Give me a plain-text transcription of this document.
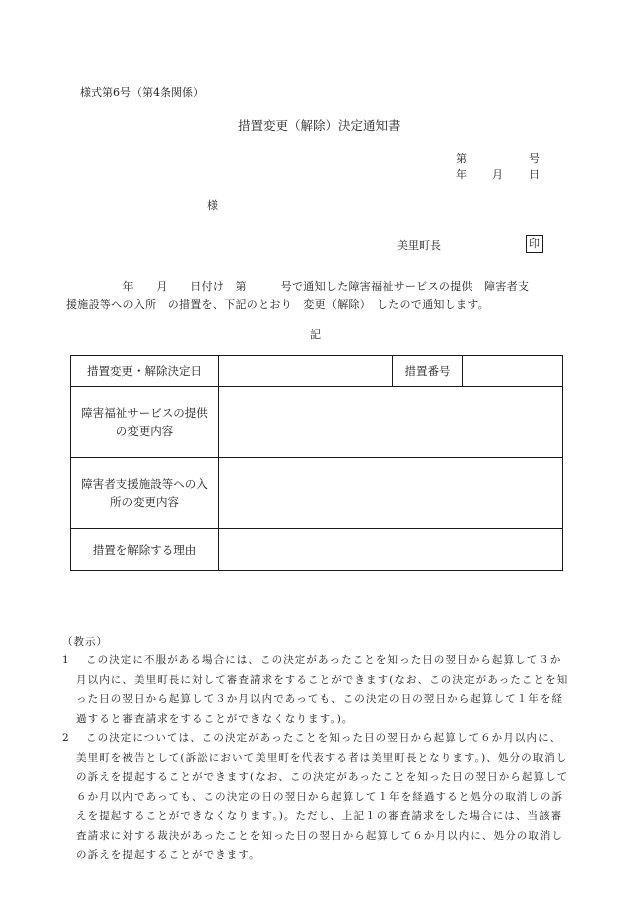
様式第6号（第4条関係）
措置変更（解除）決定通知書
第	号
年 月 日
様
美里町長	印
　　　　　年　　月　　日付け　第　　　号で通知した障害福祉サービスの提供　障害者支
援施設等への入所　の措置を、下記のとおり　変更（解除）　したので通知します。
記
措置変更・解除決定日		措置番号	

障害福祉サービスの提供
の変更内容			

障害者支援施設等への入
所の変更内容			

措置を解除する理由			
（教示）
1 この決定に不服がある場合には、この決定があったことを知った日の翌日から起算して３か月以内に、美里町長に対して審査請求をすることができます(なお、この決定があったことを知った日の翌日から起算して３か月以内であっても、この決定の日の翌日から起算して１年を経過すると審査請求をすることができなくなります。)。
2 この決定については、この決定があったことを知った日の翌日から起算して６か月以内に、美里町を被告として(訴訟において美里町を代表する者は美里町長となります。)、処分の取消しの訴えを提起することができます(なお、この決定があったことを知った日の翌日から起算して６か月以内であっても、この決定の日の翌日から起算して１年を経過すると処分の取消しの訴えを提起することができなくなります。)。ただし、上記１の審査請求をした場合には、当該審査請求に対する裁決があったことを知った日の翌日から起算して６か月以内に、処分の取消しの訴えを提起することができます。
